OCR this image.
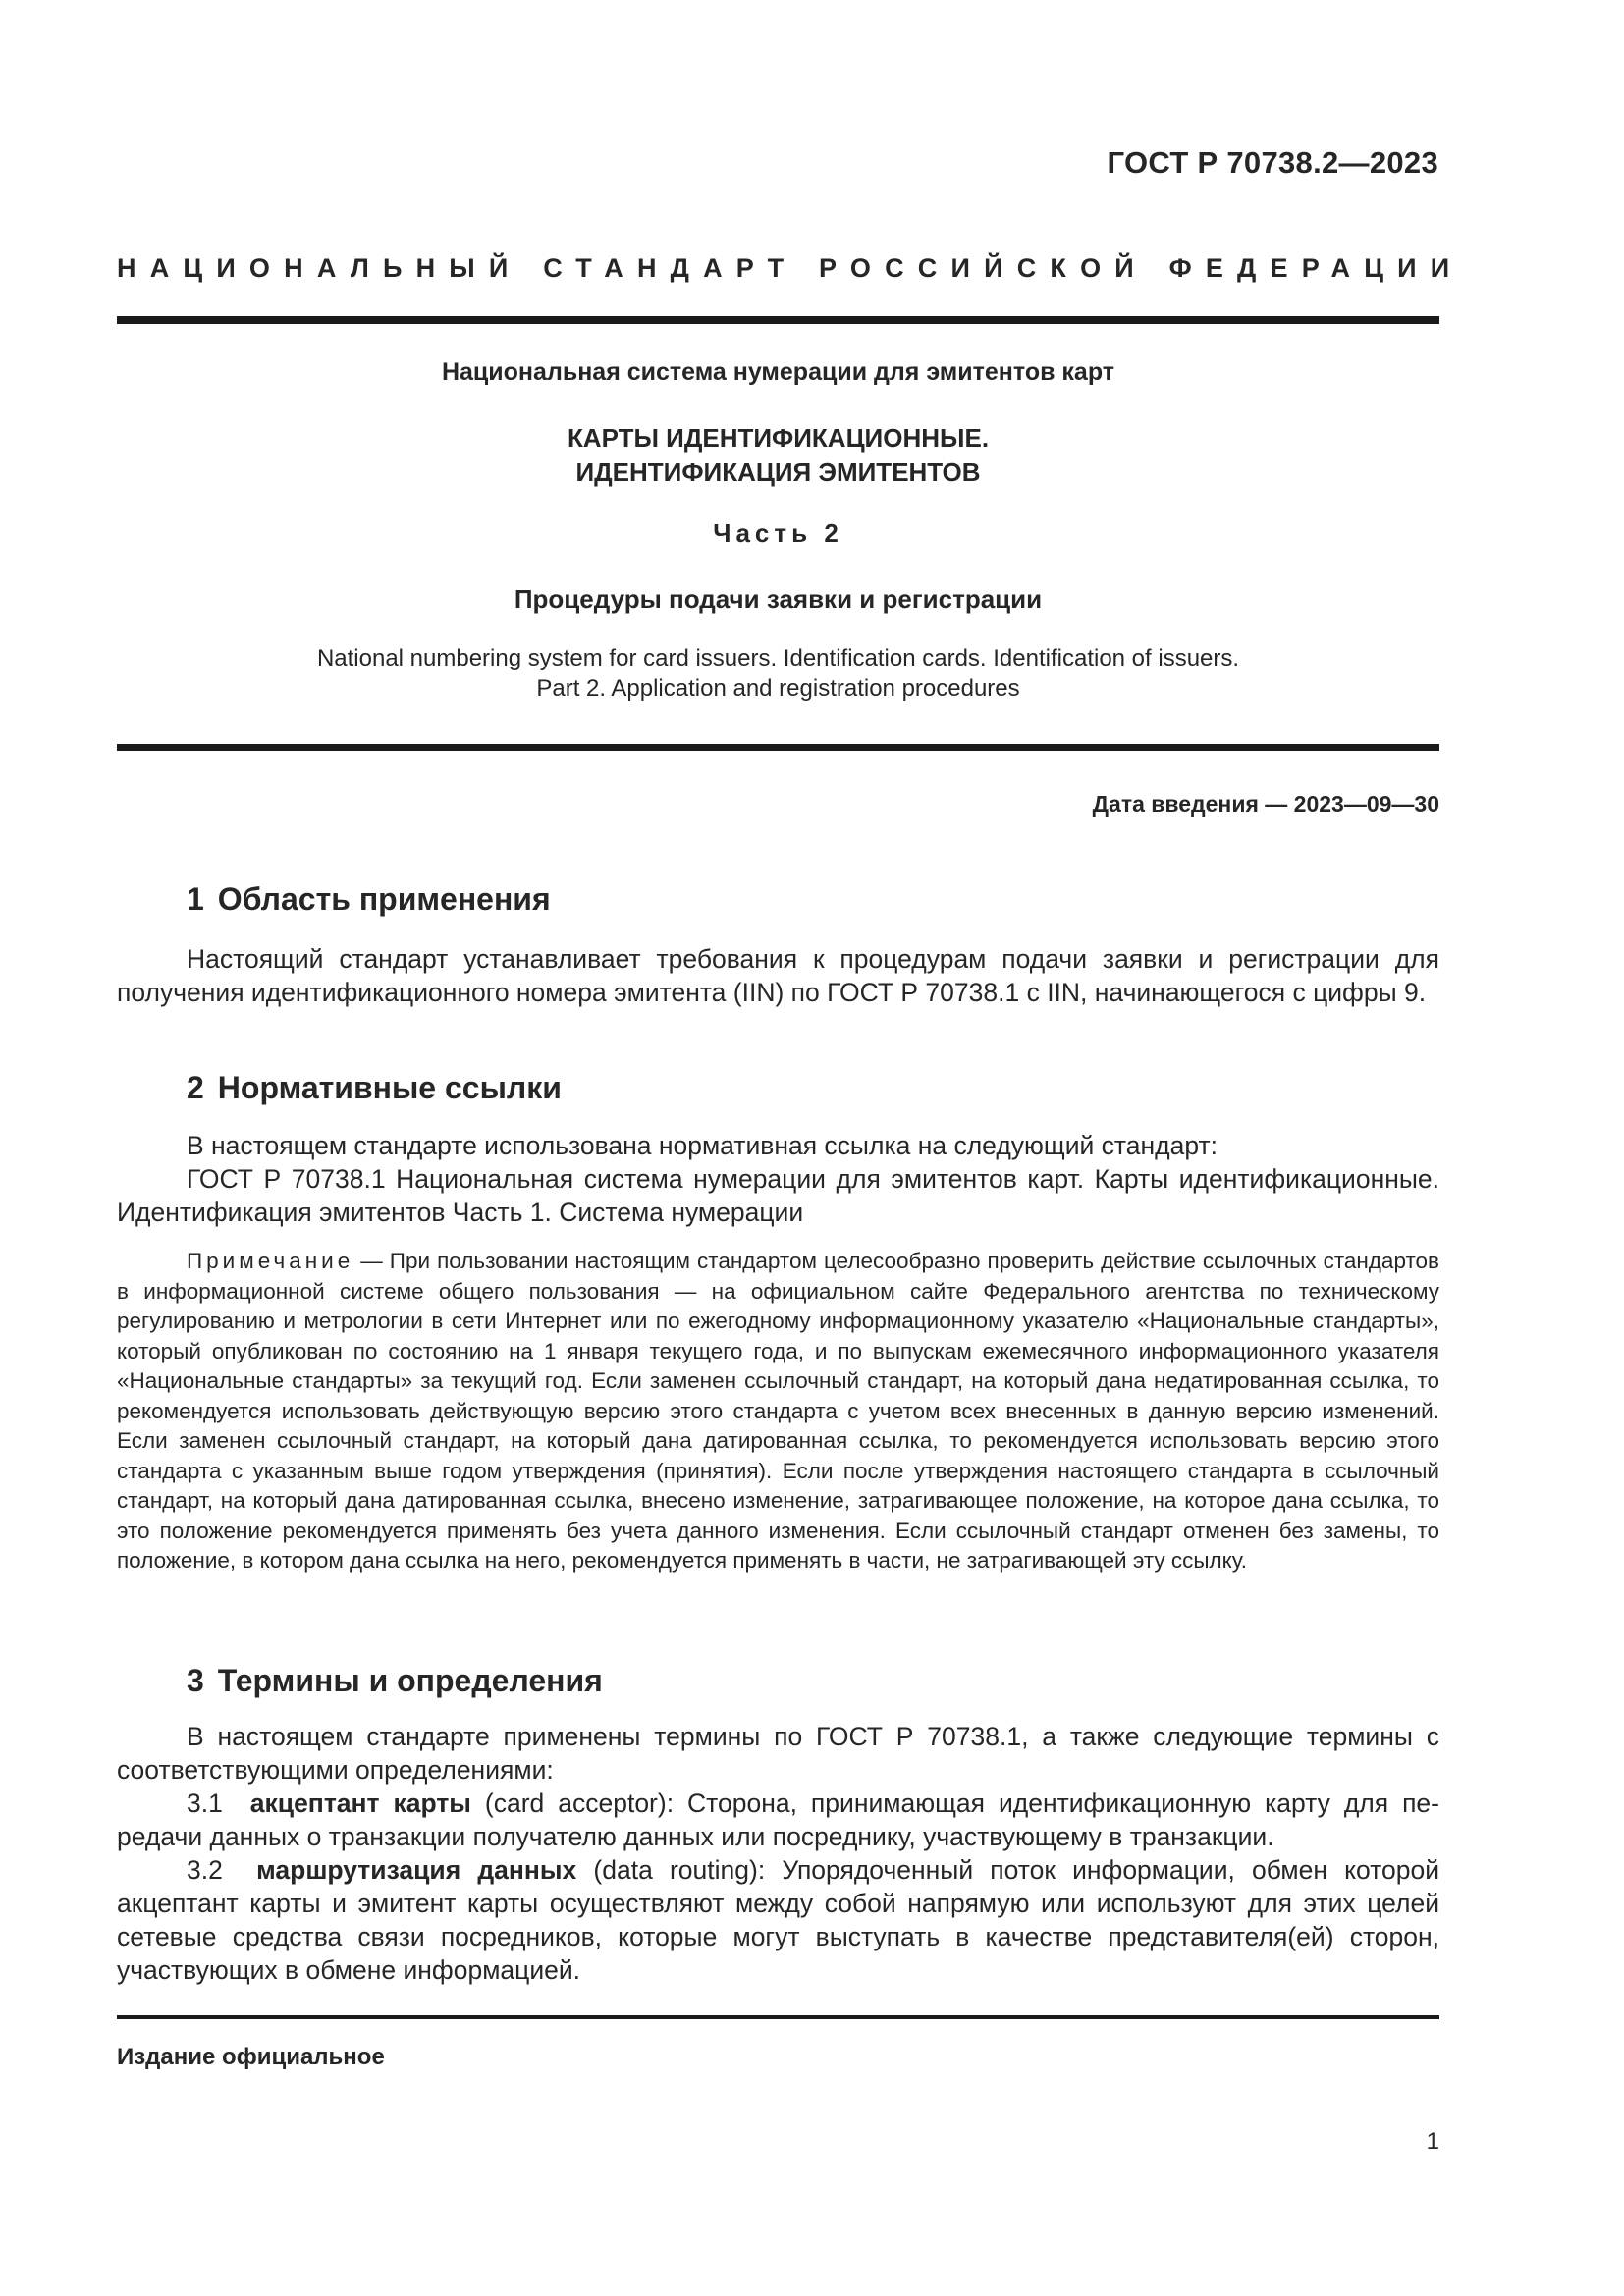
ГОСТ Р 70738.2—2023
НАЦИОНАЛЬНЫЙ СТАНДАРТ РОССИЙСКОЙ ФЕДЕРАЦИИ
Национальная система нумерации для эмитентов карт
КАРТЫ ИДЕНТИФИКАЦИОННЫЕ.
ИДЕНТИФИКАЦИЯ ЭМИТЕНТОВ
Часть 2
Процедуры подачи заявки и регистрации
National numbering system for card issuers. Identification cards. Identification of issuers.
Part 2. Application and registration procedures
Дата введения — 2023—09—30
1 Область применения

Настоящий стандарт устанавливает требования к процедурам подачи заявки и регистрации для получения идентификационного номера эмитента (IIN) по ГОСТ Р 70738.1 с IIN, начинающегося с цифры 9.

2 Нормативные ссылки

В настоящем стандарте использована нормативная ссылка на следующий стандарт:

ГОСТ Р 70738.1 Национальная система нумерации для эмитентов карт. Карты идентификационные. Идентификация эмитентов Часть 1. Система нумерации

Примечание — При пользовании настоящим стандартом целесообразно проверить действие ссылочных стандартов в информационной системе общего пользования — на официальном сайте Федерального агентства по техническому регулированию и метрологии в сети Интернет или по ежегодному информационному указателю «Национальные стандарты», который опубликован по состоянию на 1 января текущего года, и по выпускам ежемесячного информационного указателя «Национальные стандарты» за текущий год. Если заменен ссылочный стандарт, на который дана недатированная ссылка, то рекомендуется использовать действующую версию этого стандарта с учетом всех внесенных в данную версию изменений. Если заменен ссылочный стандарт, на который дана датированная ссылка, то рекомендуется использовать версию этого стандарта с указанным выше годом утверждения (принятия). Если после утверждения настоящего стандарта в ссылочный стандарт, на который дана датированная ссылка, внесено изменение, затрагивающее положение, на которое дана ссылка, то это положение рекомендуется применять без учета данного изменения. Если ссылочный стандарт отменен без замены, то положение, в котором дана ссылка на него, рекомендуется применять в части, не затрагивающей эту ссылку.

3 Термины и определения

В настоящем стандарте применены термины по ГОСТ Р 70738.1, а также следующие термины с соответствующими определениями:

3.1 акцептант карты (card acceptor): Сторона, принимающая идентификационную карту для передачи данных о транзакции получателю данных или посреднику, участвующему в транзакции.

3.2 маршрутизация данных (data routing): Упорядоченный поток информации, обмен которой акцептант карты и эмитент карты осуществляют между собой напрямую или используют для этих целей сетевые средства связи посредников, которые могут выступать в качестве представителя(ей) сторон, участвующих в обмене информацией.

Издание официальное
1
